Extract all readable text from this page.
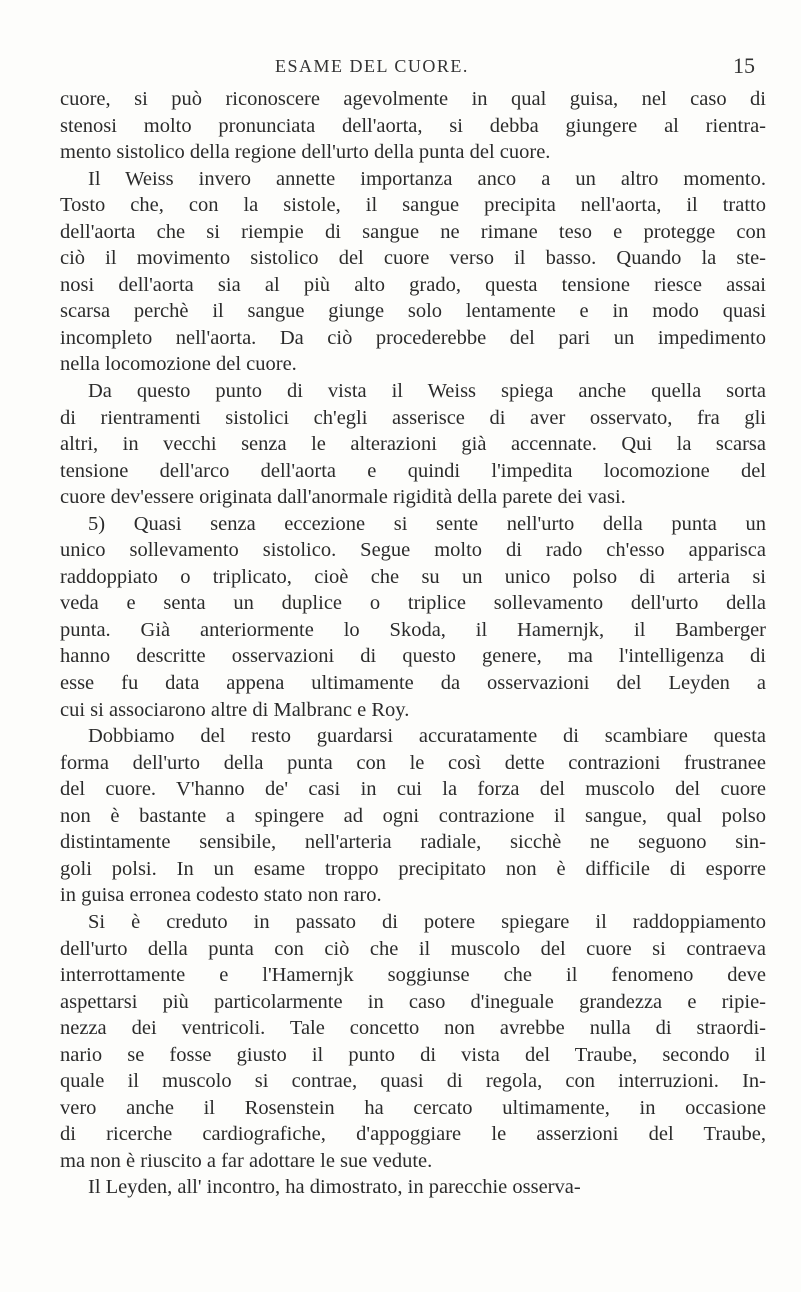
ESAME DEL CUORE.	15
cuore, si può riconoscere agevolmente in qual guisa, nel caso di
stenosi molto pronunciata dell'aorta, si debba giungere al rientra-
mento sistolico della regione dell'urto della punta del cuore.
Il Weiss invero annette importanza anco a un altro momento.
Tosto che, con la sistole, il sangue precipita nell'aorta, il tratto
dell'aorta che si riempie di sangue ne rimane teso e protegge con
ciò il movimento sistolico del cuore verso il basso. Quando la ste-
nosi dell'aorta sia al più alto grado, questa tensione riesce assai
scarsa perchè il sangue giunge solo lentamente e in modo quasi
incompleto nell'aorta. Da ciò procederebbe del pari un impedimento
nella locomozione del cuore.
Da questo punto di vista il Weiss spiega anche quella sorta
di rientramenti sistolici ch'egli asserisce di aver osservato, fra gli
altri, in vecchi senza le alterazioni già accennate. Qui la scarsa
tensione dell'arco dell'aorta e quindi l'impedita locomozione del
cuore dev'essere originata dall'anormale rigidità della parete dei vasi.
5) Quasi senza eccezione si sente nell'urto della punta un
unico sollevamento sistolico. Segue molto di rado ch'esso apparisca
raddoppiato o triplicato, cioè che su un unico polso di arteria si
veda e senta un duplice o triplice sollevamento dell'urto della
punta. Già anteriormente lo Skoda, il Hamernjk, il Bamberger
hanno descritte osservazioni di questo genere, ma l'intelligenza di
esse fu data appena ultimamente da osservazioni del Leyden a
cui si associarono altre di Malbranc e Roy.
Dobbiamo del resto guardarsi accuratamente di scambiare questa
forma dell'urto della punta con le così dette contrazioni frustranee
del cuore. V'hanno de' casi in cui la forza del muscolo del cuore
non è bastante a spingere ad ogni contrazione il sangue, qual polso
distintamente sensibile, nell'arteria radiale, sicchè ne seguono sin-
goli polsi. In un esame troppo precipitato non è difficile di esporre
in guisa erronea codesto stato non raro.
Si è creduto in passato di potere spiegare il raddoppiamento
dell'urto della punta con ciò che il muscolo del cuore si contraeva
interrottamente e l'Hamernjk soggiunse che il fenomeno deve
aspettarsi più particolarmente in caso d'ineguale grandezza e ripie-
nezza dei ventricoli. Tale concetto non avrebbe nulla di straordi-
nario se fosse giusto il punto di vista del Traube, secondo il
quale il muscolo si contrae, quasi di regola, con interruzioni. In-
vero anche il Rosenstein ha cercato ultimamente, in occasione
di ricerche cardiografiche, d'appoggiare le asserzioni del Traube,
ma non è riuscito a far adottare le sue vedute.
Il Leyden, all' incontro, ha dimostrato, in parecchie osserva-
